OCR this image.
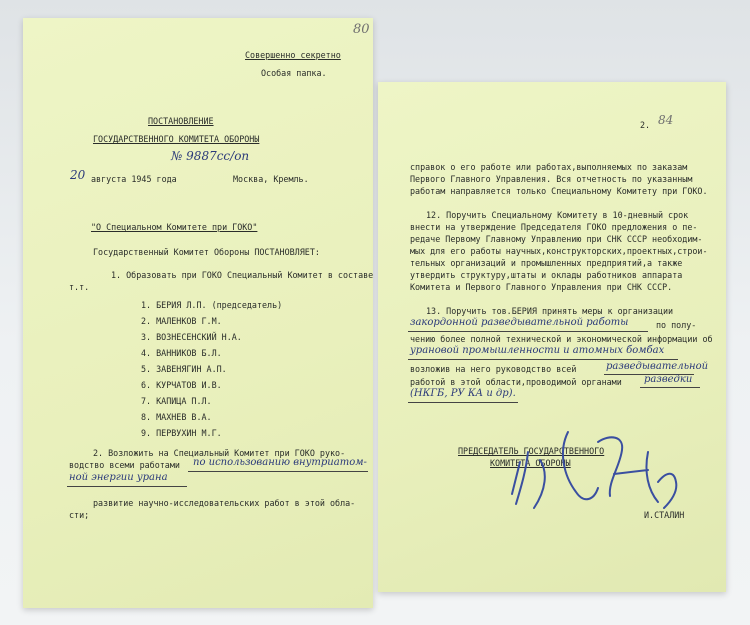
80
Совершенно секретно
Особая папка.
ПОСТАНОВЛЕНИЕ
ГОСУДАРСТВЕННОГО КОМИТЕТА ОБОРОНЫ
№ 9887сс/оп
20 августа 1945 года	Москва, Кремль.
"О Специальном Комитете при ГОКО"
Государственный Комитет Обороны ПОСТАНОВЛЯЕТ:
1. Образовать при ГОКО Специальный Комитет в составе
т.т.
1. БЕРИЯ Л.П. (председатель)
2. МАЛЕНКОВ Г.М.
3. ВОЗНЕСЕНСКИЙ Н.А.
4. ВАННИКОВ Б.Л.
5. ЗАВЕНЯГИН А.П.
6. КУРЧАТОВ И.В.
7. КАПИЦА П.Л.
8. МАХНЕВ В.А.
9. ПЕРВУХИН М.Г.
2. Возложить на Специальный Комитет при ГОКО руко-
водство всеми работами по использованию внутриатом-
ной энергии урана
развитие научно-исследовательских работ в этой обла-
сти;
2. 84
справок о его работе или работах,выполняемых по заказам
Первого Главного Управления. Вся отчетность по указанным
работам направляется только Специальному Комитету при ГОКО.
12. Поручить Специальному Комитету в 10-дневный срок
внести на утверждение Председателя ГОКО предложения о пе-
редаче Первому Главному Управлению при СНК СССР необходим-
мых для его работы научных,конструкторских,проектных,строи-
тельных организаций и промышленных предприятий,а также
утвердить структуру,штаты и оклады работников аппарата
Комитета и Первого Главного Управления при СНК СССР.
13. Поручить тов.БЕРИЯ принять меры к организации
закордонной разведывательной работы	по полу-
чению более полной технической и экономической информации об
урановой промышленности и атомных бомбах
возложив на него руководство всей	разведывательной
работой в этой области,проводимой органами разведки
(НКГБ, РУ КА и др).
ПРЕДСЕДАТЕЛЬ ГОСУДАРСТВЕННОГО
КОМИТЕТА ОБОРОНЫ
И.СТАЛИН
